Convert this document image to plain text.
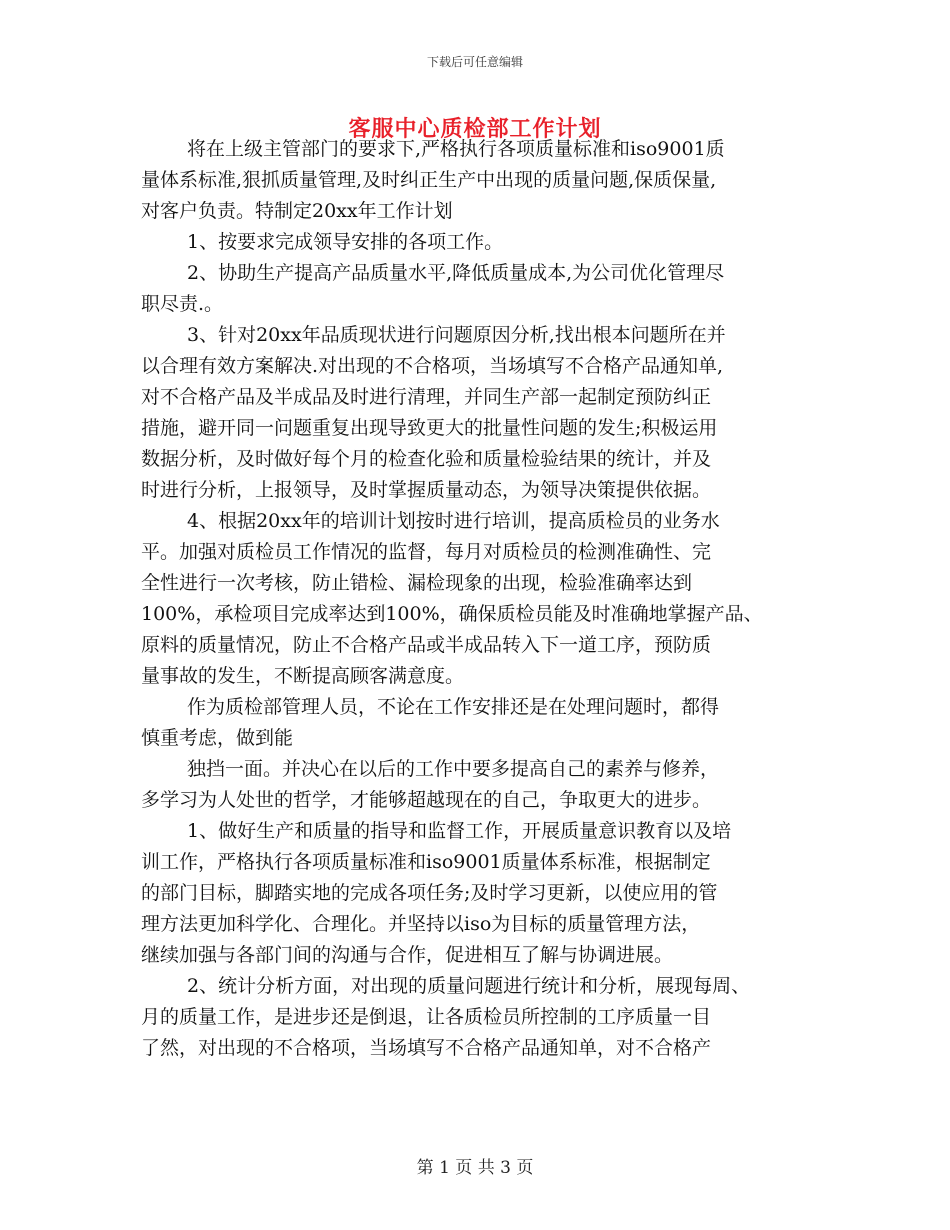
下载后可任意编辑
客服中心质检部工作计划
将在上级主管部门的要求下,严格执行各项质量标准和iso9001质
量体系标准,狠抓质量管理,及时纠正生产中出现的质量问题,保质保量,
对客户负责。特制定20xx年工作计划
1、按要求完成领导安排的各项工作。
2、协助生产提高产品质量水平,降低质量成本,为公司优化管理尽
职尽责.。
3、针对20xx年品质现状进行问题原因分析,找出根本问题所在并
以合理有效方案解决.对出现的不合格项，当场填写不合格产品通知单,
对不合格产品及半成品及时进行清理，并同生产部一起制定预防纠正
措施，避开同一问题重复出现导致更大的批量性问题的发生;积极运用
数据分析，及时做好每个月的检查化验和质量检验结果的统计，并及
时进行分析，上报领导，及时掌握质量动态，为领导决策提供依据。
4、根据20xx年的培训计划按时进行培训，提高质检员的业务水
平。加强对质检员工作情况的监督，每月对质检员的检测准确性、完
全性进行一次考核，防止错检、漏检现象的出现，检验准确率达到
100%，承检项目完成率达到100%，确保质检员能及时准确地掌握产品、
原料的质量情况，防止不合格产品或半成品转入下一道工序，预防质
量事故的发生，不断提高顾客满意度。
作为质检部管理人员，不论在工作安排还是在处理问题时，都得
慎重考虑，做到能
独挡一面。并决心在以后的工作中要多提高自己的素养与修养，
多学习为人处世的哲学，才能够超越现在的自己，争取更大的进步。
1、做好生产和质量的指导和监督工作，开展质量意识教育以及培
训工作，严格执行各项质量标准和iso9001质量体系标准，根据制定
的部门目标，脚踏实地的完成各项任务;及时学习更新，以使应用的管
理方法更加科学化、合理化。并坚持以iso为目标的质量管理方法，
继续加强与各部门间的沟通与合作，促进相互了解与协调进展。
2、统计分析方面，对出现的质量问题进行统计和分析，展现每周、
月的质量工作，是进步还是倒退，让各质检员所控制的工序质量一目
了然，对出现的不合格项，当场填写不合格产品通知单，对不合格产
第 1 页 共 3 页
